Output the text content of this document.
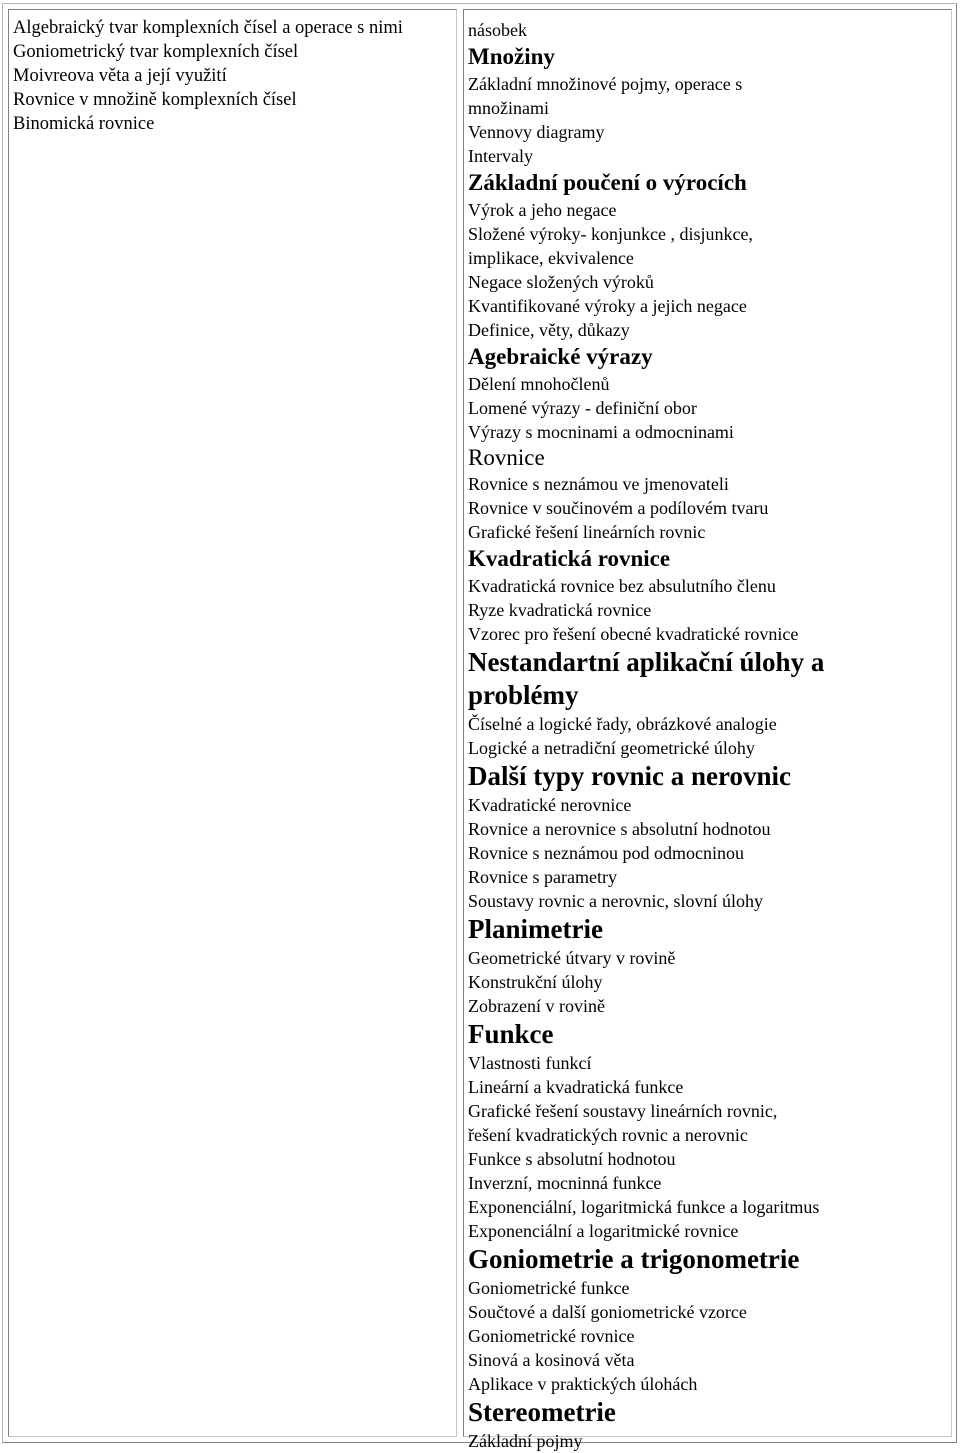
Algebraický tvar komplexních čísel a operace s nimi
Goniometrický tvar komplexních čísel
Moivreova věta a její využití
Rovnice v množině komplexních čísel
Binomická rovnice
násobek
Množiny
Základní množinové pojmy, operace s
množinami
Vennovy diagramy
Intervaly
Základní poučení o výrocích
Výrok a jeho negace
Složené výroky- konjunkce , disjunkce,
implikace, ekvivalence
Negace složených výroků
Kvantifikované výroky a jejich negace
Definice, věty, důkazy
Agebraické výrazy
Dělení mnohočlenů
Lomené výrazy - definiční obor
Výrazy s mocninami a odmocninami
Rovnice
Rovnice s neznámou ve jmenovateli
Rovnice v součinovém a podílovém tvaru
Grafické řešení lineárních rovnic
Kvadratická rovnice
Kvadratická rovnice bez absulutního členu
Ryze kvadratická rovnice
Vzorec pro řešení obecné kvadratické rovnice
Nestandartní aplikační úlohy a
problémy
Číselné a logické řady, obrázkové analogie
Logické a netradiční geometrické úlohy
Další typy rovnic a nerovnic
Kvadratické nerovnice
Rovnice a nerovnice s absolutní hodnotou
Rovnice s neznámou pod odmocninou
Rovnice s parametry
Soustavy rovnic a nerovnic, slovní úlohy
Planimetrie
Geometrické útvary v rovině
Konstrukční úlohy
Zobrazení v rovině
Funkce
Vlastnosti funkcí
Lineární a kvadratická funkce
Grafické řešení soustavy lineárních rovnic,
řešení kvadratických rovnic a nerovnic
Funkce s absolutní hodnotou
Inverzní, mocninná funkce
Exponenciální, logaritmická funkce a logaritmus
Exponenciální a logaritmické rovnice
Goniometrie a trigonometrie
Goniometrické funkce
Součtové a další goniometrické vzorce
Goniometrické rovnice
Sinová a kosinová věta
Aplikace v praktických úlohách
Stereometrie
Základní pojmy
